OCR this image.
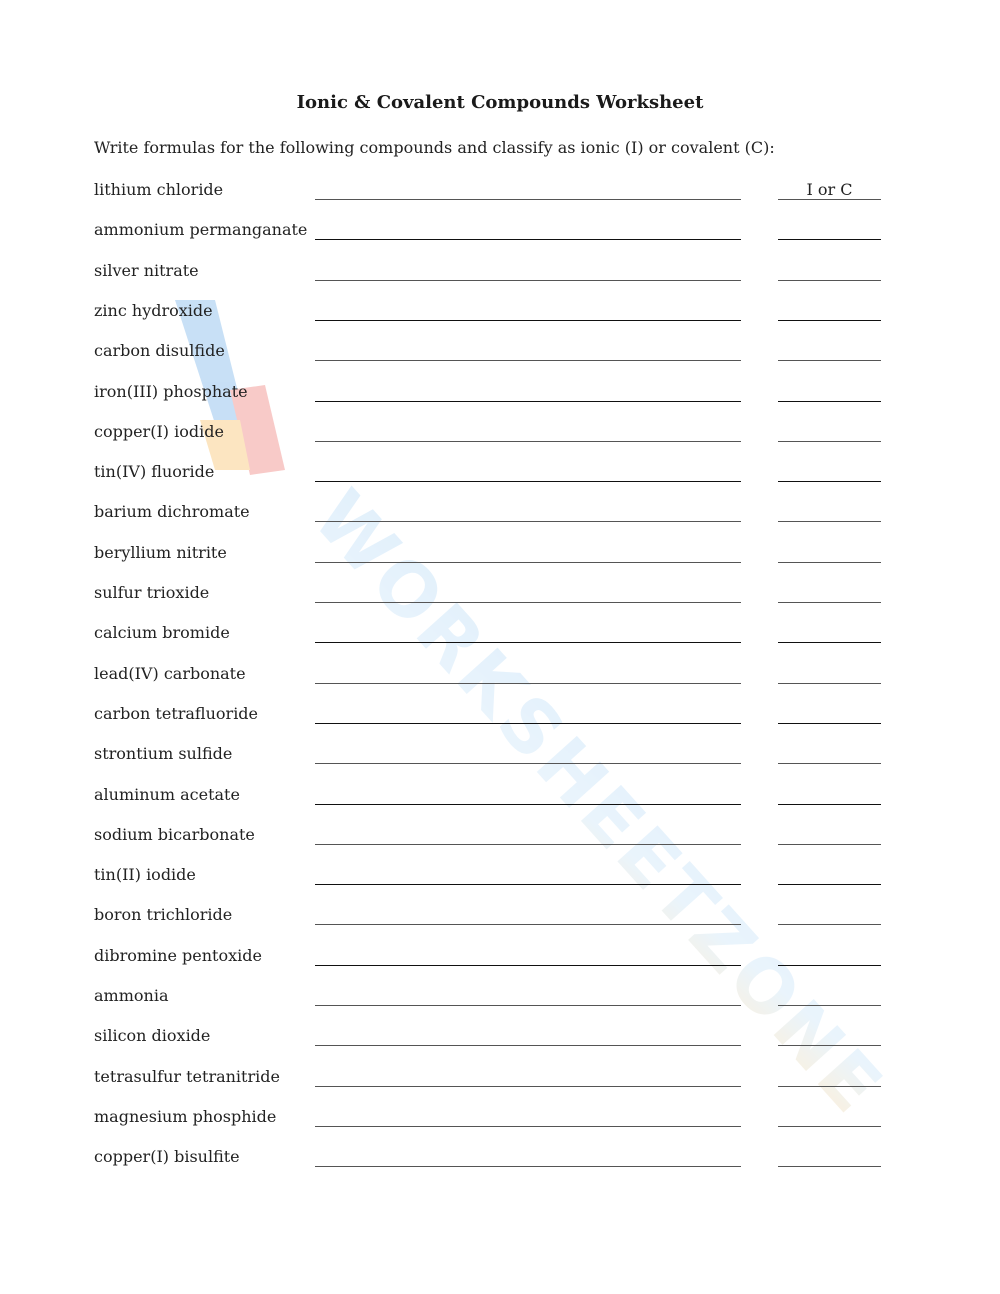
WORKSHEETZONE
Ionic & Covalent Compounds Worksheet
Write formulas for the following compounds and classify as ionic (I) or covalent (C):
lithium chloride	I or C
ammonium permanganate
silver nitrate
zinc hydroxide
carbon disulfide
iron(III) phosphate
copper(I) iodide
tin(IV) fluoride
barium dichromate
beryllium nitrite
sulfur trioxide
calcium bromide
lead(IV) carbonate
carbon tetrafluoride
strontium sulfide
aluminum acetate
sodium bicarbonate
tin(II) iodide
boron trichloride
dibromine pentoxide
ammonia
silicon dioxide
tetrasulfur tetranitride
magnesium phosphide
copper(I) bisulfite
